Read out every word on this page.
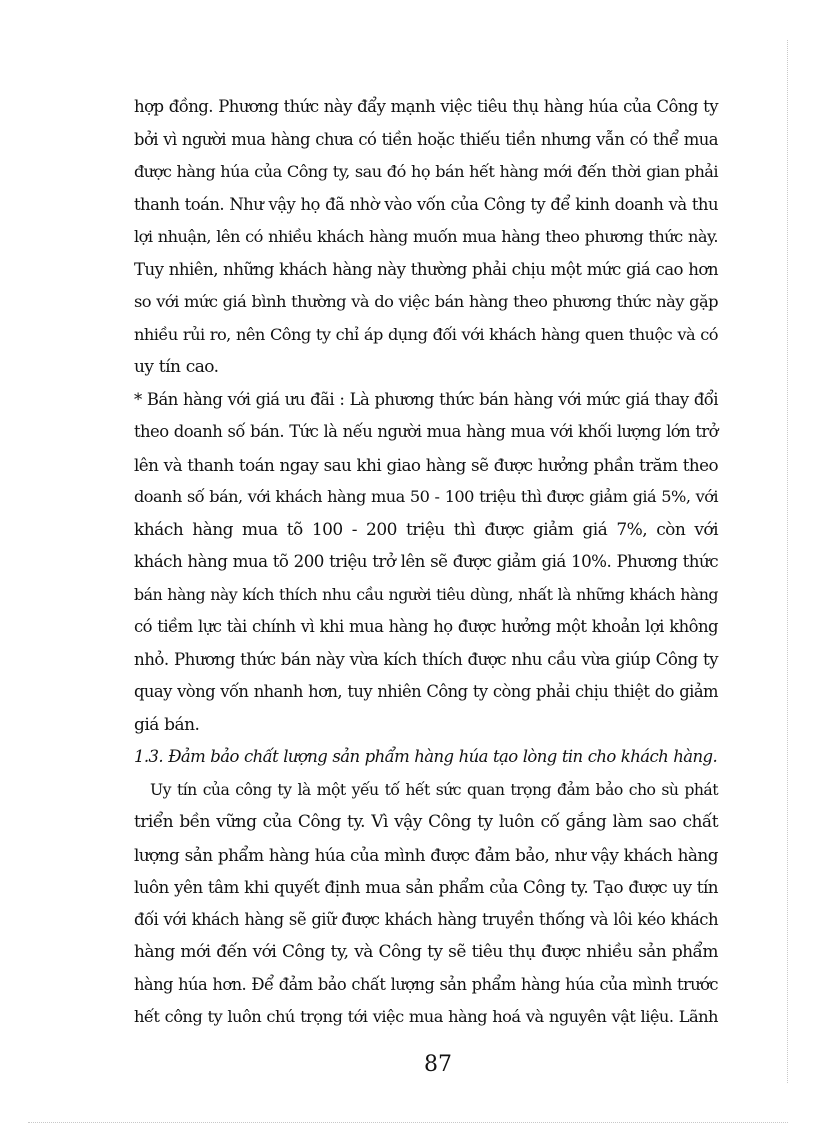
hợp đồng. Phương thức này đẩy mạnh việc tiêu thụ hàng húa của Công ty
bởi vì người mua hàng chưa có tiền hoặc thiếu tiền nhưng vẫn có thể mua
được hàng húa của Công ty, sau đó họ bán hết hàng mới đến thời gian phải
thanh toán. Như vậy họ đã nhờ vào vốn của Công ty để kinh doanh và thu
lợi nhuận, lên có nhiều khách hàng muốn mua hàng theo phương thức này.
Tuy nhiên, những khách hàng này thường phải chịu một mức giá cao hơn
so với mức giá bình thường và do việc bán hàng theo phương thức này gặp
nhiều rủi ro, nên Công ty chỉ áp dụng đối với khách hàng quen thuộc và có
uy tín cao.
* Bán hàng với giá ưu đãi : Là phương thức bán hàng với mức giá thay đổi
theo doanh số bán. Tức là nếu người mua hàng mua với khối lượng lớn trở
lên và thanh toán ngay sau khi giao hàng sẽ được hưởng phần trăm theo
doanh số bán, với khách hàng mua 50 - 100 triệu thì được giảm giá 5%, với
khách hàng mua tõ 100 - 200 triệu thì được giảm giá 7%, còn với
khách hàng mua tõ 200 triệu trở lên sẽ được giảm giá 10%. Phương thức
bán hàng này kích thích nhu cầu người tiêu dùng, nhất là những khách hàng
có tiềm lực tài chính vì khi mua hàng họ được hưởng một khoản lợi không
nhỏ. Phương thức bán này vừa kích thích được nhu cầu vừa giúp Công ty
quay vòng vốn nhanh hơn, tuy nhiên Công ty còng phải chịu thiệt do giảm
giá bán.
1.3. Đảm bảo chất lượng sản phẩm hàng húa tạo lòng tin cho khách hàng.
Uy tín của công ty là một yếu tố hết sức quan trọng đảm bảo cho sù phát
triển bền vững của Công ty. Vì vậy Công ty luôn cố gắng làm sao chất
lượng sản phẩm hàng húa của mình được đảm bảo, như vậy khách hàng
luôn yên tâm khi quyết định mua sản phẩm của Công ty. Tạo được uy tín
đối với khách hàng sẽ giữ được khách hàng truyền thống và lôi kéo khách
hàng mới đến với Công ty, và Công ty sẽ tiêu thụ được nhiều sản phẩm
hàng húa hơn. Để đảm bảo chất lượng sản phẩm hàng húa của mình trước
hết công ty luôn chú trọng tới việc mua hàng hoá và nguyên vật liệu. Lãnh
87
